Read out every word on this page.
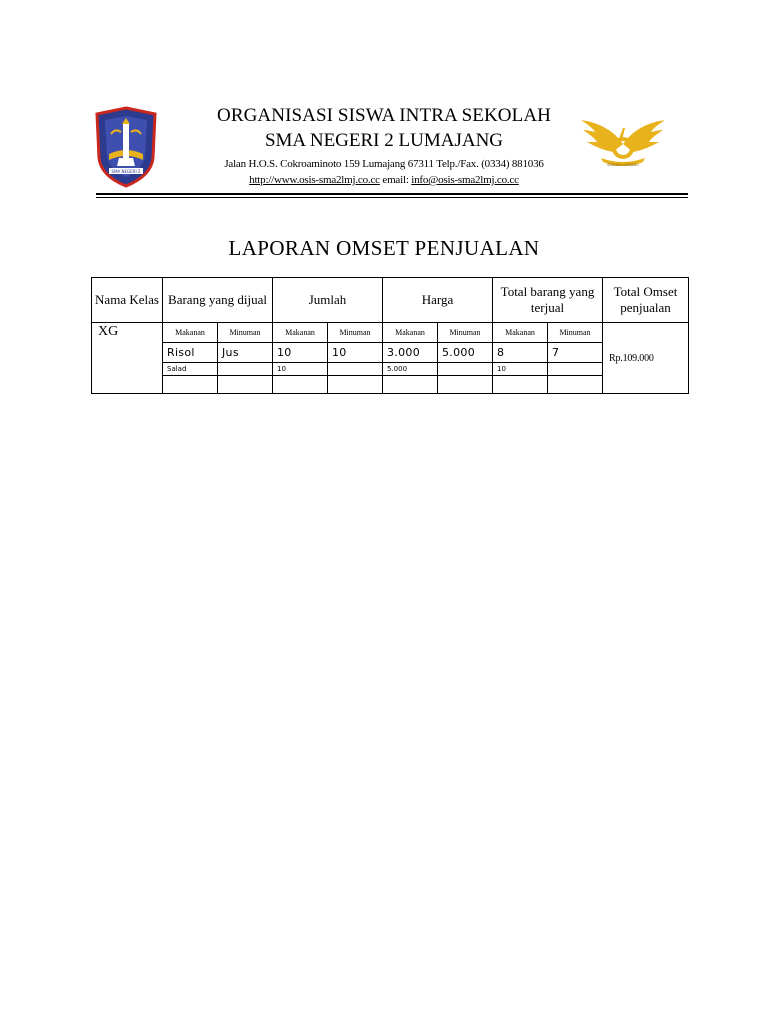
SMA NEGERI 2
ORGANISASI SISWA INTRA SEKOLAH
SMA NEGERI 2 LUMAJANG
Jalan H.O.S. Cokroaminoto 159 Lumajang 67311 Telp./Fax. (0334) 881036
http://www.osis-sma2lmj.co.cc email: info@osis-sma2lmj.co.cc
SMANDA LUMAJANG
LAPORAN OMSET PENJUALAN
Nama Kelas	Barang yang dijual		Jumlah		Harga		Total barang yang terjual		Total Omset penjualan
XG	Makanan	Minuman	Makanan	Minuman	Makanan	Minuman	Makanan	Minuman	Rp.109.000
	Risol	Jus	10	10	3.000	5.000	8	7	
	Salad		10		5.000		10		
